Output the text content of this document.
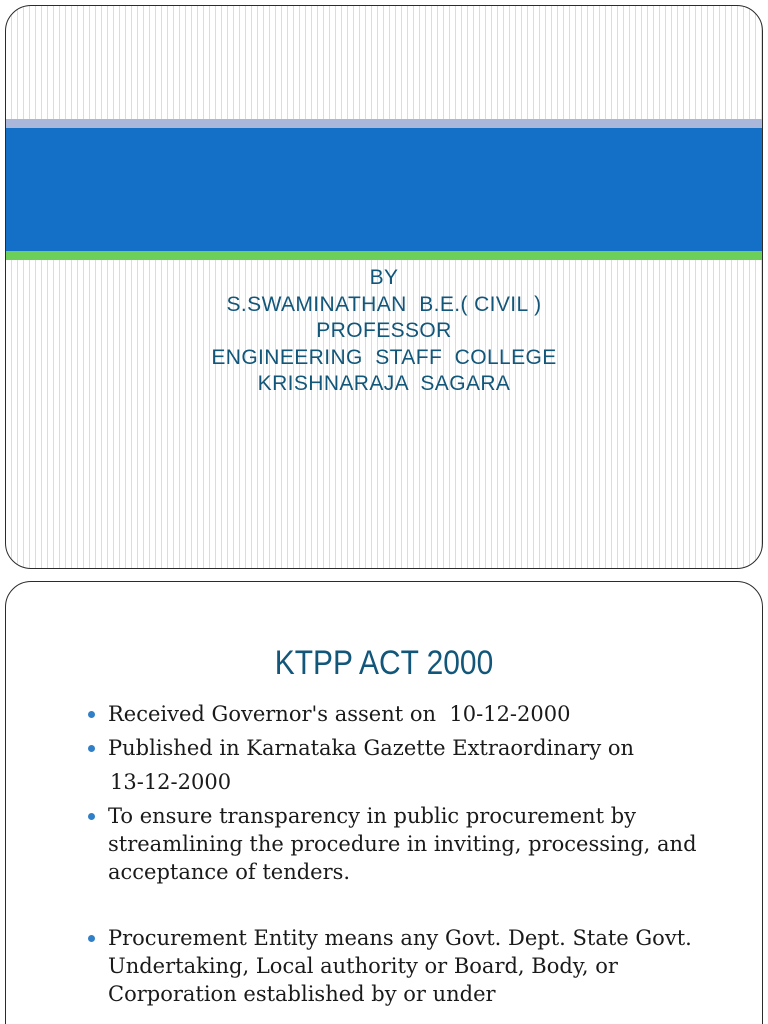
BY
S.SWAMINATHAN  B.E.( CIVIL )
PROFESSOR
ENGINEERING  STAFF  COLLEGE
KRISHNARAJA  SAGARA
KTPP ACT 2000
Received Governor's assent on  10-12-2000
Published in Karnataka Gazette Extraordinary on
13-12-2000
To ensure transparency in public procurement by streamlining the procedure in inviting, processing, and acceptance of tenders.
Procurement Entity means any Govt. Dept. State Govt. Undertaking, Local authority or Board, Body, or Corporation established by or under
